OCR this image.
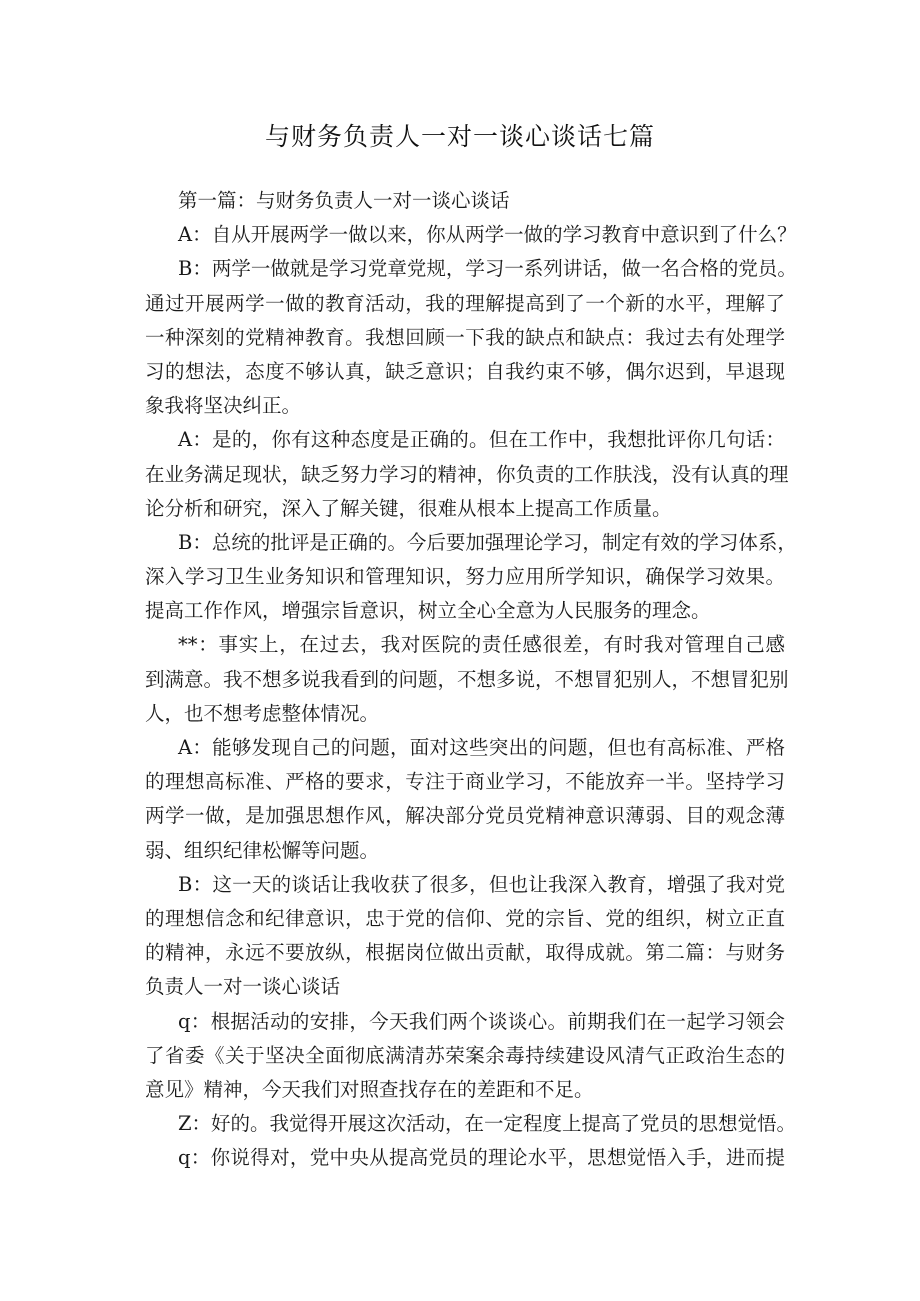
与财务负责人一对一谈心谈话七篇
第一篇：与财务负责人一对一谈心谈话
A：自从开展两学一做以来，你从两学一做的学习教育中意识到了什么？
B：两学一做就是学习党章党规，学习一系列讲话，做一名合格的党员。
通过开展两学一做的教育活动，我的理解提高到了一个新的水平，理解了
一种深刻的党精神教育。我想回顾一下我的缺点和缺点：我过去有处理学
习的想法，态度不够认真，缺乏意识；自我约束不够，偶尔迟到，早退现
象我将坚决纠正。
A：是的，你有这种态度是正确的。但在工作中，我想批评你几句话：
在业务满足现状，缺乏努力学习的精神，你负责的工作肤浅，没有认真的理
论分析和研究，深入了解关键，很难从根本上提高工作质量。
B：总统的批评是正确的。今后要加强理论学习，制定有效的学习体系，
深入学习卫生业务知识和管理知识，努力应用所学知识，确保学习效果。
提高工作作风，增强宗旨意识，树立全心全意为人民服务的理念。
**：事实上，在过去，我对医院的责任感很差，有时我对管理自己感
到满意。我不想多说我看到的问题，不想多说，不想冒犯别人，不想冒犯别
人，也不想考虑整体情况。
A：能够发现自己的问题，面对这些突出的问题，但也有高标准、严格
的理想高标准、严格的要求，专注于商业学习，不能放弃一半。坚持学习
两学一做，是加强思想作风，解决部分党员党精神意识薄弱、目的观念薄
弱、组织纪律松懈等问题。
B：这一天的谈话让我收获了很多，但也让我深入教育，增强了我对党
的理想信念和纪律意识，忠于党的信仰、党的宗旨、党的组织，树立正直
的精神，永远不要放纵，根据岗位做出贡献，取得成就。第二篇：与财务
负责人一对一谈心谈话
q：根据活动的安排，今天我们两个谈谈心。前期我们在一起学习领会
了省委《关于坚决全面彻底满清苏荣案余毒持续建设风清气正政治生态的
意见》精神，今天我们对照查找存在的差距和不足。
Z：好的。我觉得开展这次活动，在一定程度上提高了党员的思想觉悟。
q：你说得对，党中央从提高党员的理论水平，思想觉悟入手，进而提
